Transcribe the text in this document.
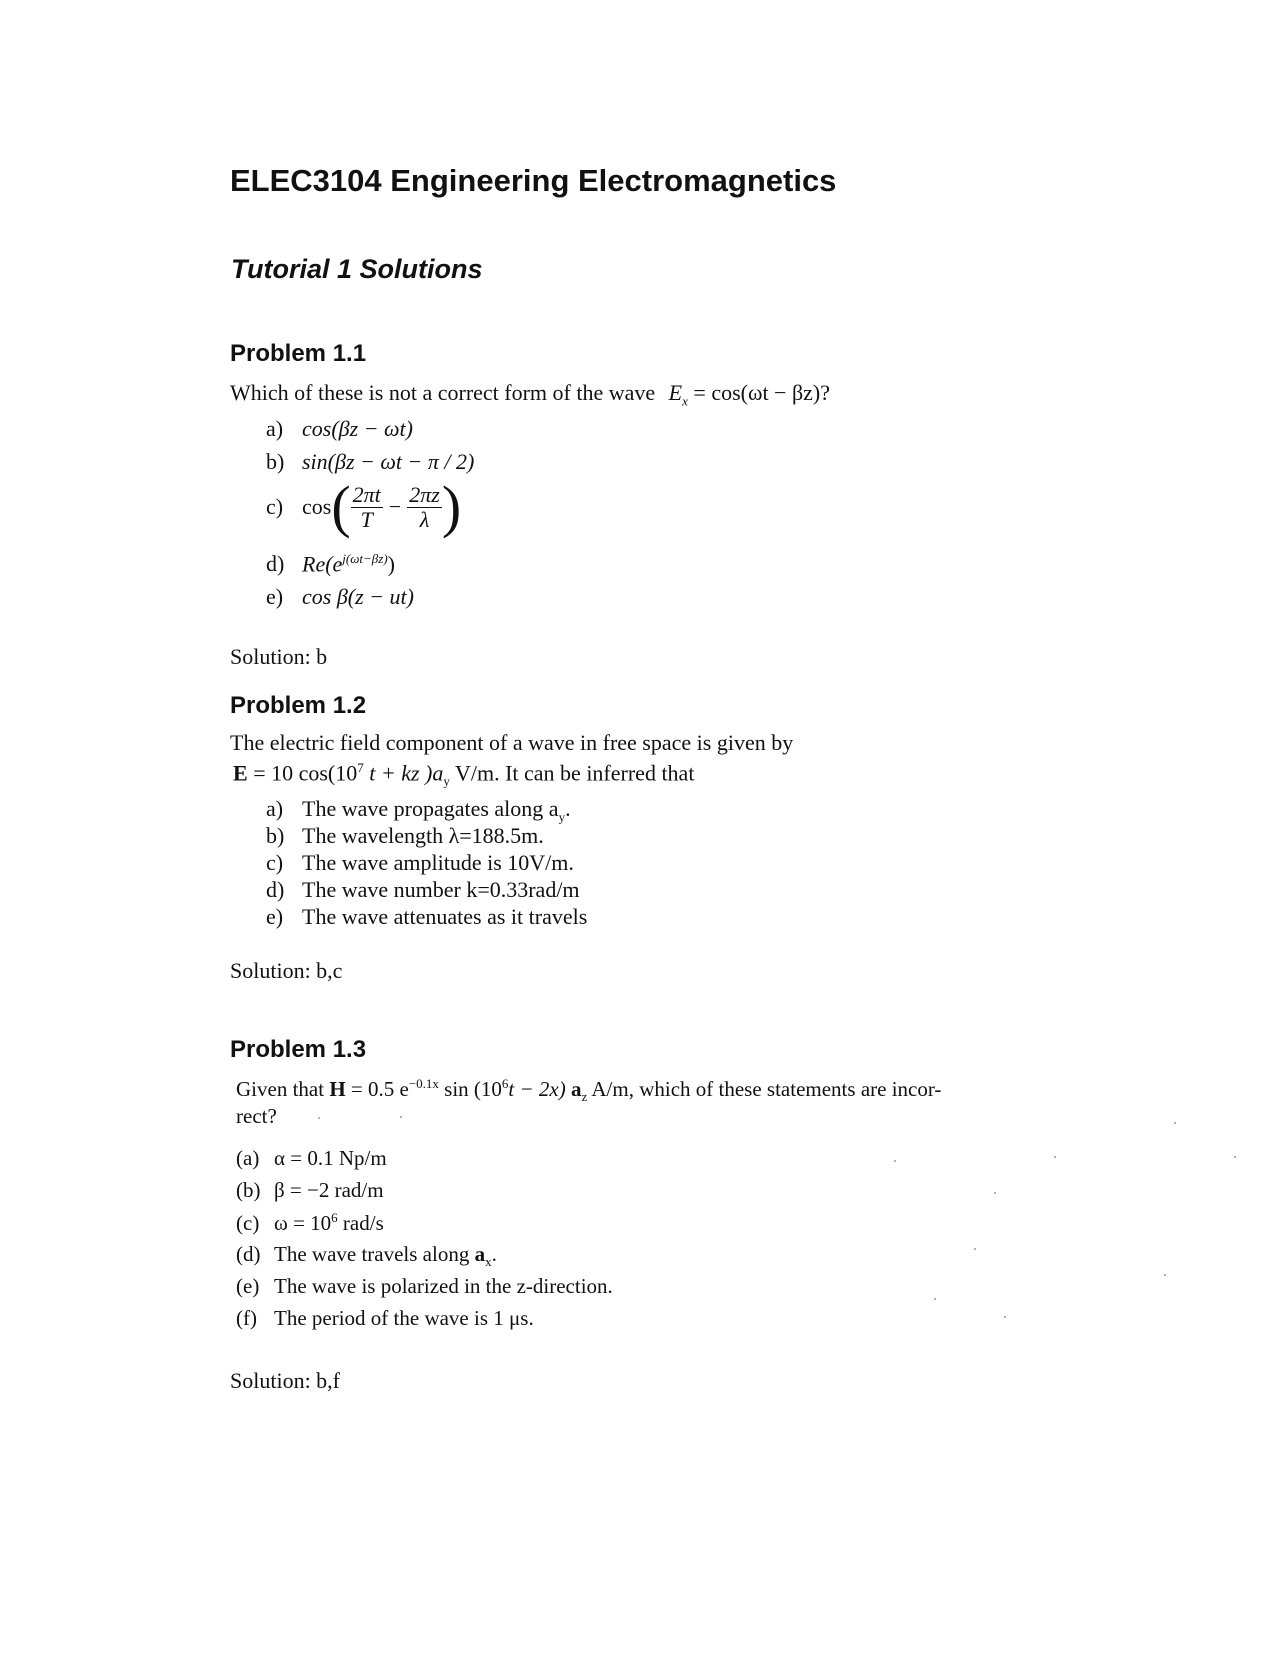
ELEC3104 Engineering Electromagnetics
Tutorial 1 Solutions
Problem 1.1
Which of these is not a correct form of the wave $E_x = \cos(\omega t - \beta z)$?
a) cos(βz − ωt)
b) sin(βz − ωt − π / 2)
c) $\cos( \frac{2\pi t}{T} - \frac{2\pi z}{\lambda}$ )
d) $Re(e^{j(\omega t-\beta z)})$
e) cos β(z − ut)
Solution: b
Problem 1.2
The electric field component of a wave in free space is given by
E = 10 $\cos(10^7$ t + kz )$a_y$ V/m. It can be inferred that
a) The wave propagates along $a_y$.
b) The wavelength λ=188.5m.
c) The wave amplitude is 10V/m.
d) The wave number k=0.33rad/m
e) The wave attenuates as it travels
Solution: b,c
Problem 1.3
Given that H = 0.5 $e^{-0.1x}$ $\sin (10^6t - 2x)$ $a_z$ A/m, which of these statements are incor-
rect?
(a) α = 0.1 Np/m
(b) β = −2 rad/m
(c) $\omega = 10^6$ rad/s
(d) The wave travels along $a_x$.
(e) The wave is polarized in the z-direction.
(f) The period of the wave is 1 μs.
Solution: b,f
